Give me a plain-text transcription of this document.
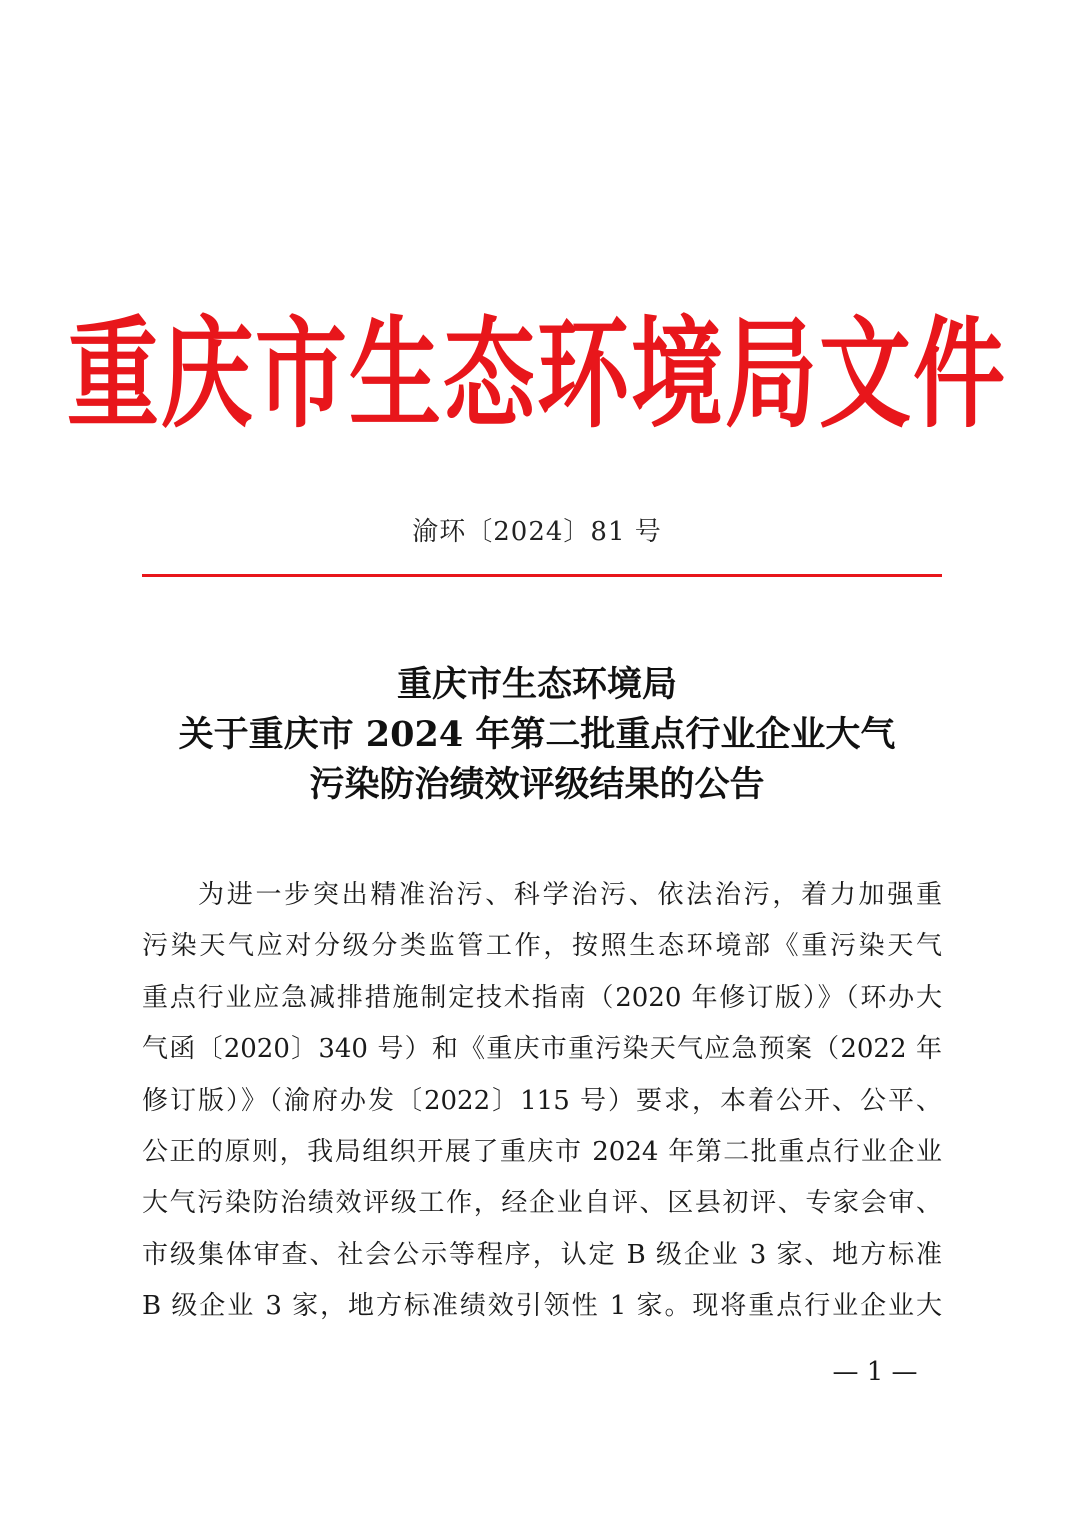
重庆市生态环境局文件
渝环〔2024〕81 号
重庆市生态环境局
关于重庆市 2024 年第二批重点行业企业大气
污染防治绩效评级结果的公告
为进一步突出精准治污、科学治污、依法治污，着力加强重
污染天气应对分级分类监管工作，按照生态环境部《重污染天气
重点行业应急减排措施制定技术指南（2020 年修订版）》（环办大
气函〔2020〕340 号）和《重庆市重污染天气应急预案（2022 年
修订版）》（渝府办发〔2022〕115 号）要求，本着公开、公平、
公正的原则，我局组织开展了重庆市 2024 年第二批重点行业企业
大气污染防治绩效评级工作，经企业自评、区县初评、专家会审、
市级集体审查、社会公示等程序，认定 B 级企业 3 家、地方标准
B 级企业 3 家，地方标准绩效引领性 1 家。现将重点行业企业大
— 1 —
